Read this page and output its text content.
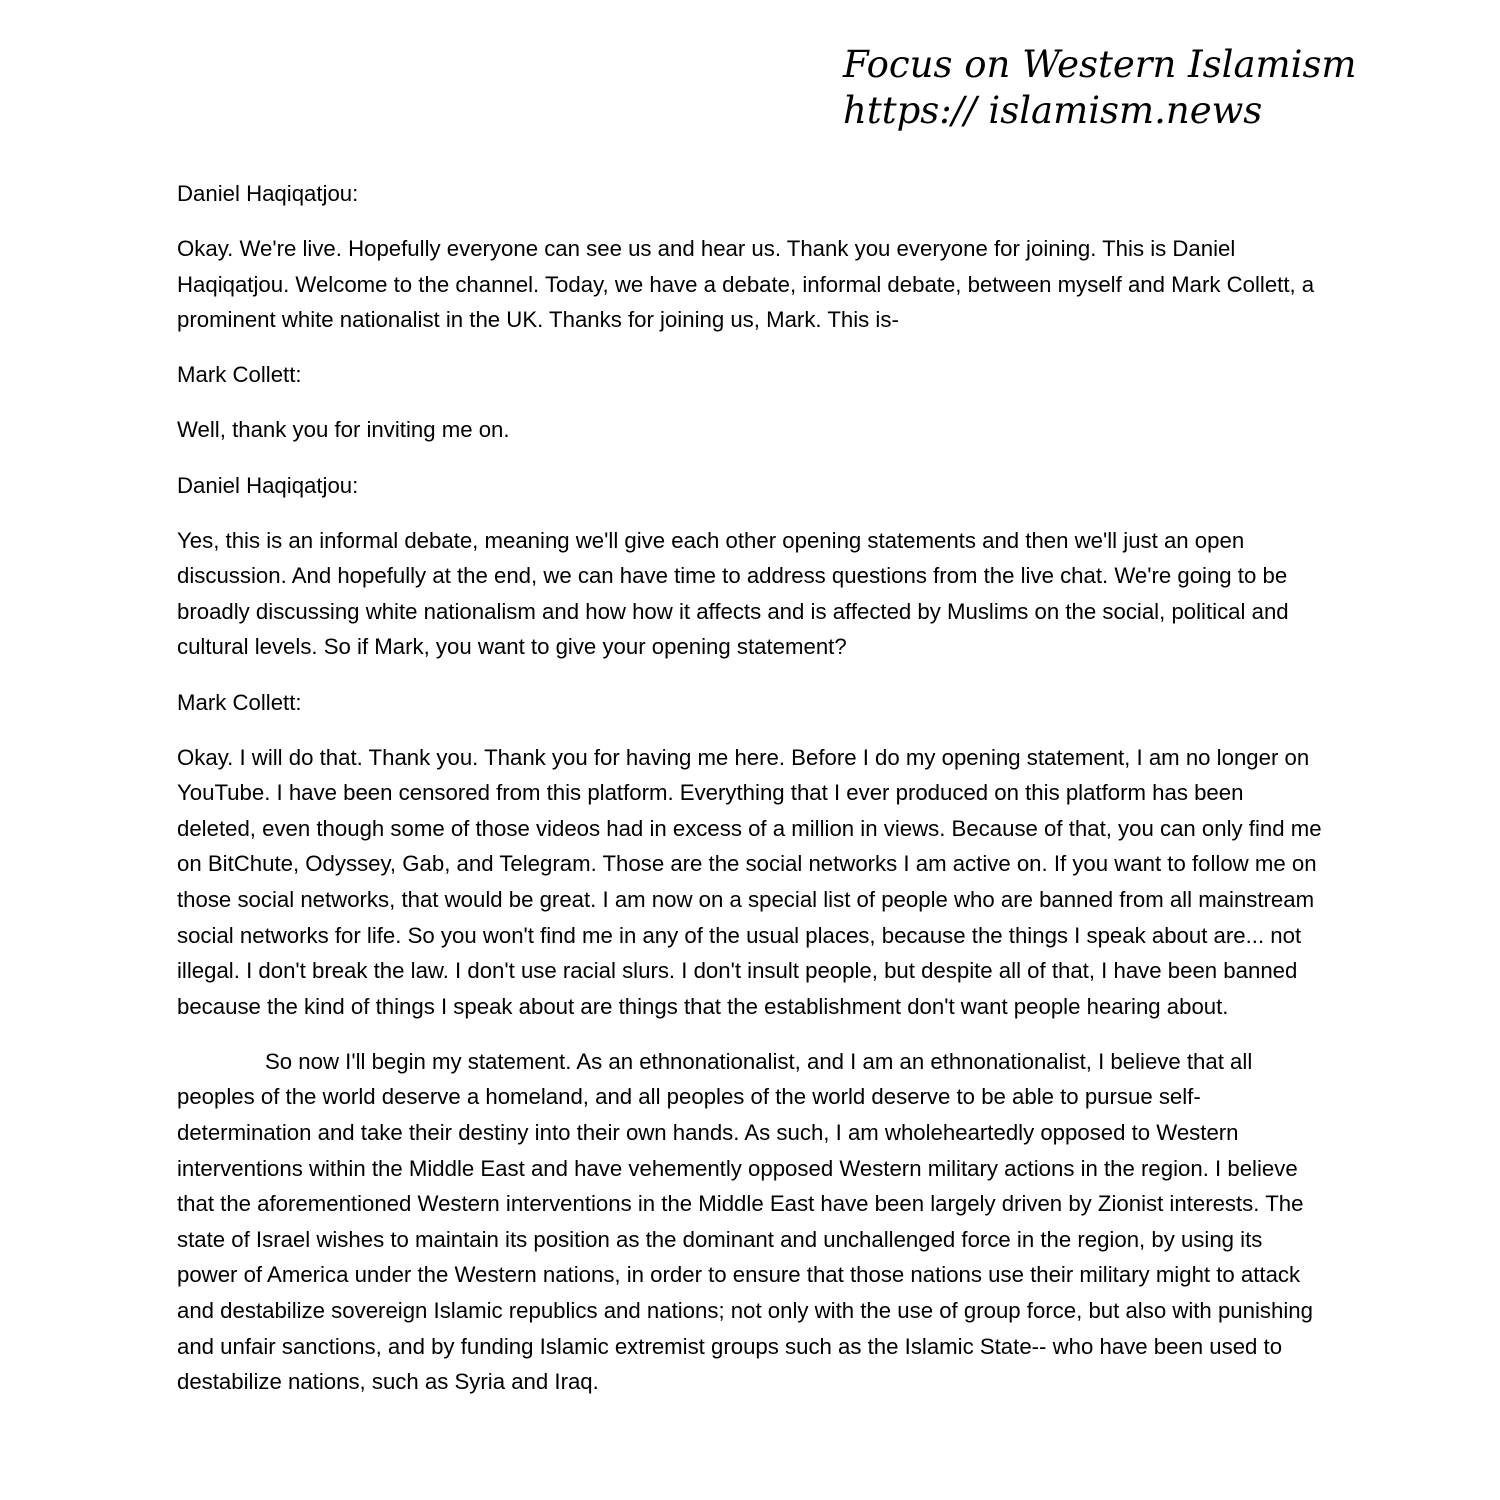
Focus on Western Islamism
https:// islamism.news

Daniel Haqiqatjou:

Okay. We're live. Hopefully everyone can see us and hear us. Thank you everyone for joining. This is Daniel Haqiqatjou. Welcome to the channel. Today, we have a debate, informal debate, between myself and Mark Collett, a prominent white nationalist in the UK. Thanks for joining us, Mark. This is-

Mark Collett:

Well, thank you for inviting me on.

Daniel Haqiqatjou:

Yes, this is an informal debate, meaning we'll give each other opening statements and then we'll just an open discussion. And hopefully at the end, we can have time to address questions from the live chat. We're going to be broadly discussing white nationalism and how how it affects and is affected by Muslims on the social, political and cultural levels. So if Mark, you want to give your opening statement?

Mark Collett:

Okay. I will do that. Thank you. Thank you for having me here. Before I do my opening statement, I am no longer on YouTube. I have been censored from this platform. Everything that I ever produced on this platform has been deleted, even though some of those videos had in excess of a million in views. Because of that, you can only find me on BitChute, Odyssey, Gab, and Telegram. Those are the social networks I am active on. If you want to follow me on those social networks, that would be great. I am now on a special list of people who are banned from all mainstream social networks for life. So you won't find me in any of the usual places, because the things I speak about are... not illegal. I don't break the law. I don't use racial slurs. I don't insult people, but despite all of that, I have been banned because the kind of things I speak about are things that the establishment don't want people hearing about.

So now I'll begin my statement. As an ethnonationalist, and I am an ethnonationalist, I believe that all peoples of the world deserve a homeland, and all peoples of the world deserve to be able to pursue self-determination and take their destiny into their own hands. As such, I am wholeheartedly opposed to Western interventions within the Middle East and have vehemently opposed Western military actions in the region. I believe that the aforementioned Western interventions in the Middle East have been largely driven by Zionist interests. The state of Israel wishes to maintain its position as the dominant and unchallenged force in the region, by using its power of America under the Western nations, in order to ensure that those nations use their military might to attack and destabilize sovereign Islamic republics and nations; not only with the use of group force, but also with punishing and unfair sanctions, and by funding Islamic extremist groups such as the Islamic State-- who have been used to destabilize nations, such as Syria and Iraq.
